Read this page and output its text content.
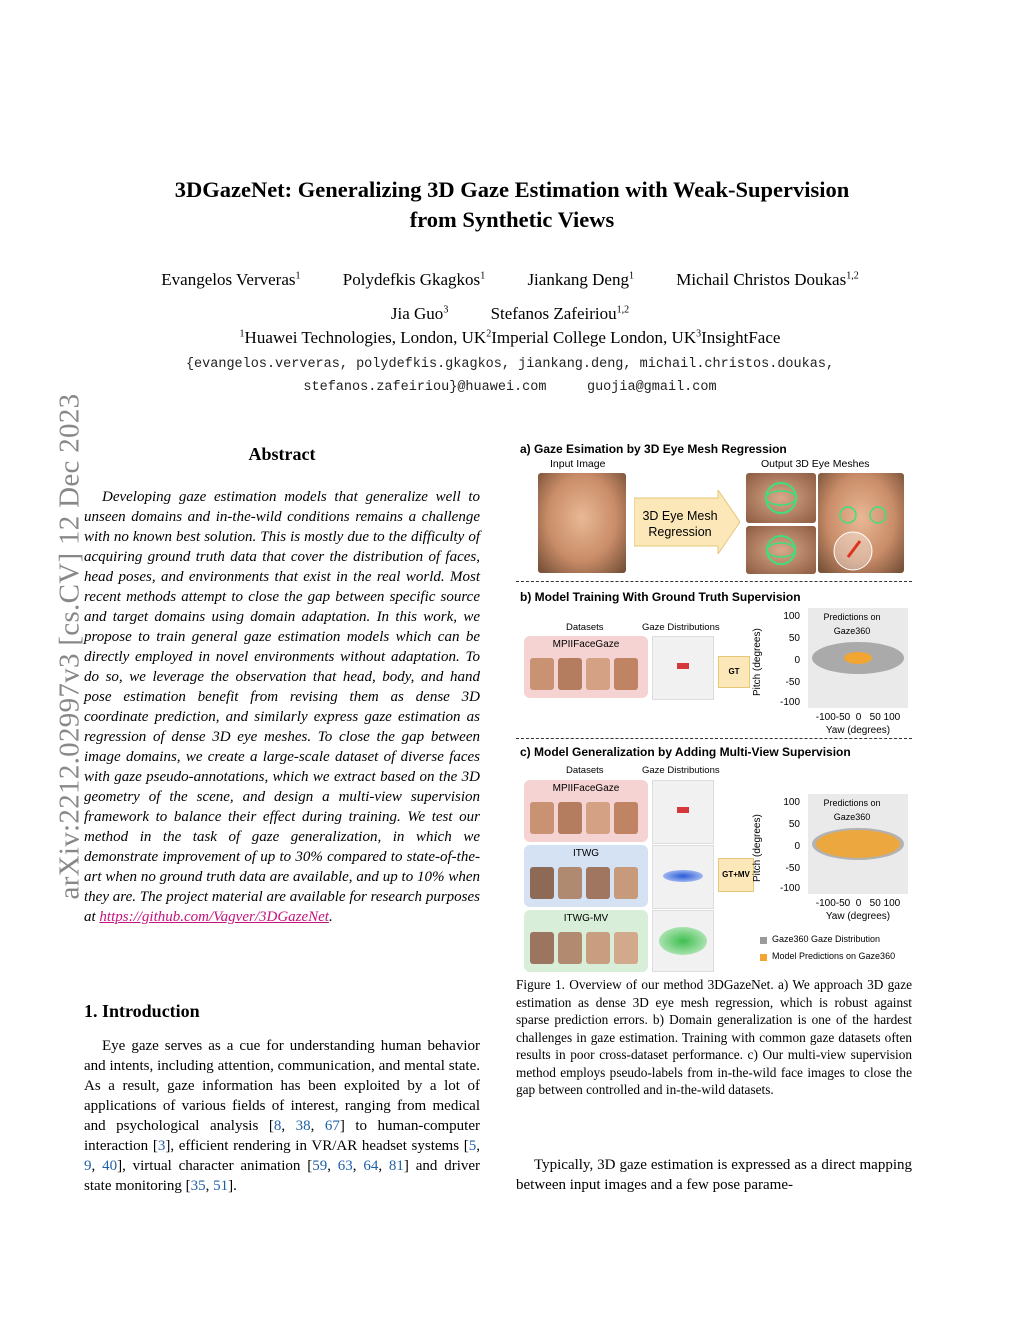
arXiv:2212.02997v3 [cs.CV] 12 Dec 2023
3DGazeNet: Generalizing 3D Gaze Estimation with Weak-Supervision
from Synthetic Views
Evangelos Ververas$^1$ Polydefkis Gkagkos$^1$ Jiankang Deng$^1$ Michail Christos Doukas$^{1,2}$
Jia Guo$^3$ Stefanos Zafeiriou$^{1,2}$
$^1$Huawei Technologies, London, $UK^2Imperial$ College London, $UK^3InsightFace$
{evangelos.ververas, polydefkis.gkagkos, jiankang.deng, michail.christos.doukas,
stefanos.zafeiriou}@huawei.com	guojia@gmail.com
Abstract
Developing gaze estimation models that generalize well to unseen domains and in-the-wild conditions remains a challenge with no known best solution. This is mostly due to the difficulty of acquiring ground truth data that cover the distribution of faces, head poses, and environments that exist in the real world. Most recent methods attempt to close the gap between specific source and target domains using domain adaptation. In this work, we propose to train general gaze estimation models which can be directly employed in novel environments without adaptation. To do so, we leverage the observation that head, body, and hand pose estimation benefit from revising them as dense 3D coordinate prediction, and similarly express gaze estimation as regression of dense 3D eye meshes. To close the gap between image domains, we create a large-scale dataset of diverse faces with gaze pseudo-annotations, which we extract based on the 3D geometry of the scene, and design a multi-view supervision framework to balance their effect during training. We test our method in the task of gaze generalization, in which we demonstrate improvement of up to 30% compared to state-of-the-art when no ground truth data are available, and up to 10% when they are. The project material are available for research purposes at https://github.com/Vagver/3DGazeNet.
1. Introduction
Eye gaze serves as a cue for understanding human behavior and intents, including attention, communication, and mental state. As a result, gaze information has been exploited by a lot of applications of various fields of interest, ranging from medical and psychological analysis [8, 38, 67] to human-computer interaction [3], efficient rendering in VR/AR headset systems [5, 9, 40], virtual character animation [59, 63, 64, 81] and driver state monitoring [35, 51].
a) Gaze Esimation by 3D Eye Mesh Regression
Input Image	Output 3D Eye Meshes
3D Eye Mesh Regression
b) Model Training With Ground Truth Supervision
Datasets	Gaze Distributions
MPIIFaceGaze
GT	Pitch (degrees)
100
50
0
-50
-100
-100-50  0   50 100
Yaw (degrees)
Predictions on Gaze360
c) Model Generalization by Adding Multi-View Supervision
Datasets	Gaze Distributions
MPIIFaceGaze
ITWG
ITWG-MV
GT+MV Pitch (degrees)
100
50
0
-50
-100
-100-50  0   50 100
Yaw (degrees)
Predictions on Gaze360
Gaze360 Gaze Distribution
Model Predictions on Gaze360
Figure 1. Overview of our method 3DGazeNet. a) We approach 3D gaze estimation as dense 3D eye mesh regression, which is robust against sparse prediction errors. b) Domain generalization is one of the hardest challenges in gaze estimation. Training with common gaze datasets often results in poor cross-dataset performance. c) Our multi-view supervision method employs pseudo-labels from in-the-wild face images to close the gap between controlled and in-the-wild datasets.
Typically, 3D gaze estimation is expressed as a direct mapping between input images and a few pose parame-
